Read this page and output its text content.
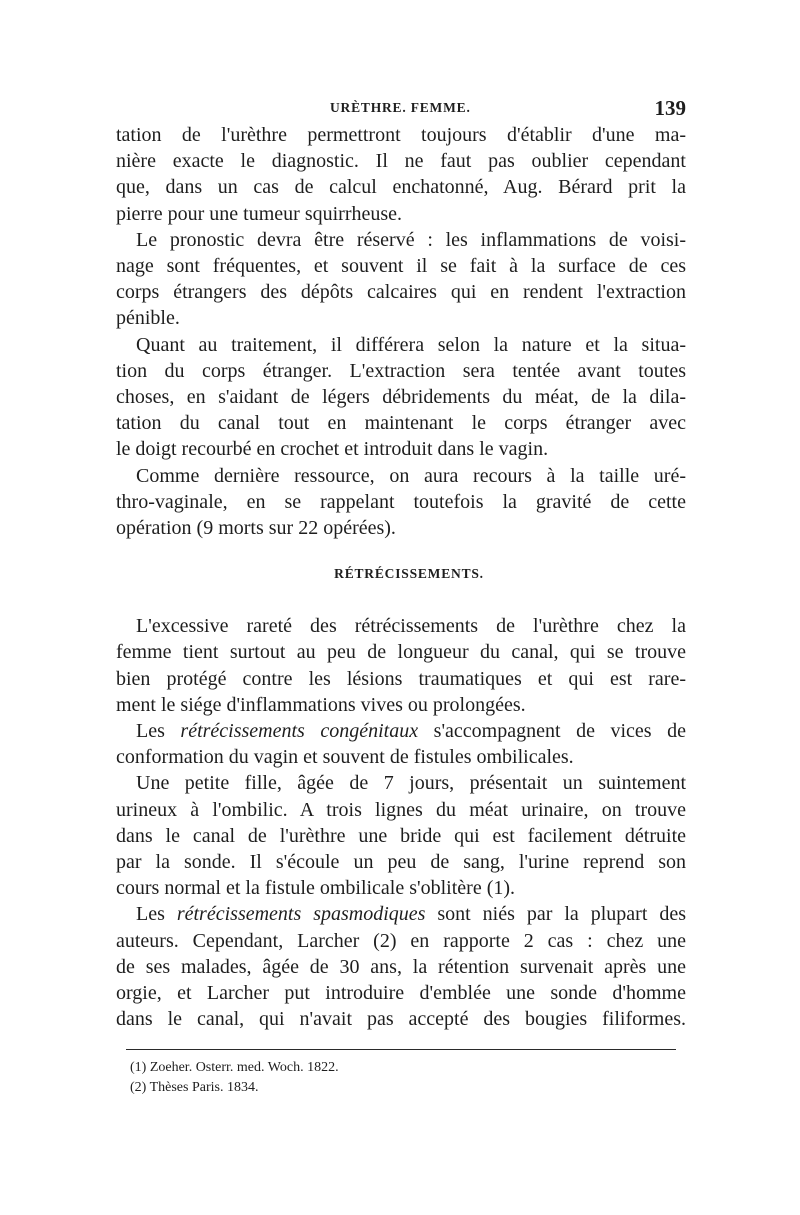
URÈTHRE. FEMME.	139

tation de l'urèthre permettront toujours d'établir d'une ma-
nière exacte le diagnostic. Il ne faut pas oublier cependant
que, dans un cas de calcul enchatonné, Aug. Bérard prit la
pierre pour une tumeur squirrheuse.

Le pronostic devra être réservé : les inflammations de voisi-
nage sont fréquentes, et souvent il se fait à la surface de ces
corps étrangers des dépôts calcaires qui en rendent l'extraction
pénible.

Quant au traitement, il différera selon la nature et la situa-
tion du corps étranger. L'extraction sera tentée avant toutes
choses, en s'aidant de légers débridements du méat, de la dila-
tation du canal tout en maintenant le corps étranger avec
le doigt recourbé en crochet et introduit dans le vagin.

Comme dernière ressource, on aura recours à la taille uré-
thro-vaginale, en se rappelant toutefois la gravité de cette
opération (9 morts sur 22 opérées).

RÉTRÉCISSEMENTS.

L'excessive rareté des rétrécissements de l'urèthre chez la
femme tient surtout au peu de longueur du canal, qui se trouve
bien protégé contre les lésions traumatiques et qui est rare-
ment le siége d'inflammations vives ou prolongées.

Les rétrécissements congénitaux s'accompagnent de vices de
conformation du vagin et souvent de fistules ombilicales.

Une petite fille, âgée de 7 jours, présentait un suintement
urineux à l'ombilic. A trois lignes du méat urinaire, on trouve
dans le canal de l'urèthre une bride qui est facilement détruite
par la sonde. Il s'écoule un peu de sang, l'urine reprend son
cours normal et la fistule ombilicale s'oblitère (1).

Les rétrécissements spasmodiques sont niés par la plupart des
auteurs. Cependant, Larcher (2) en rapporte 2 cas : chez une
de ses malades, âgée de 30 ans, la rétention survenait après une
orgie, et Larcher put introduire d'emblée une sonde d'homme
dans le canal, qui n'avait pas accepté des bougies filiformes.

(1) Zoeher. Osterr. med. Woch. 1822.
(2) Thèses Paris. 1834.
